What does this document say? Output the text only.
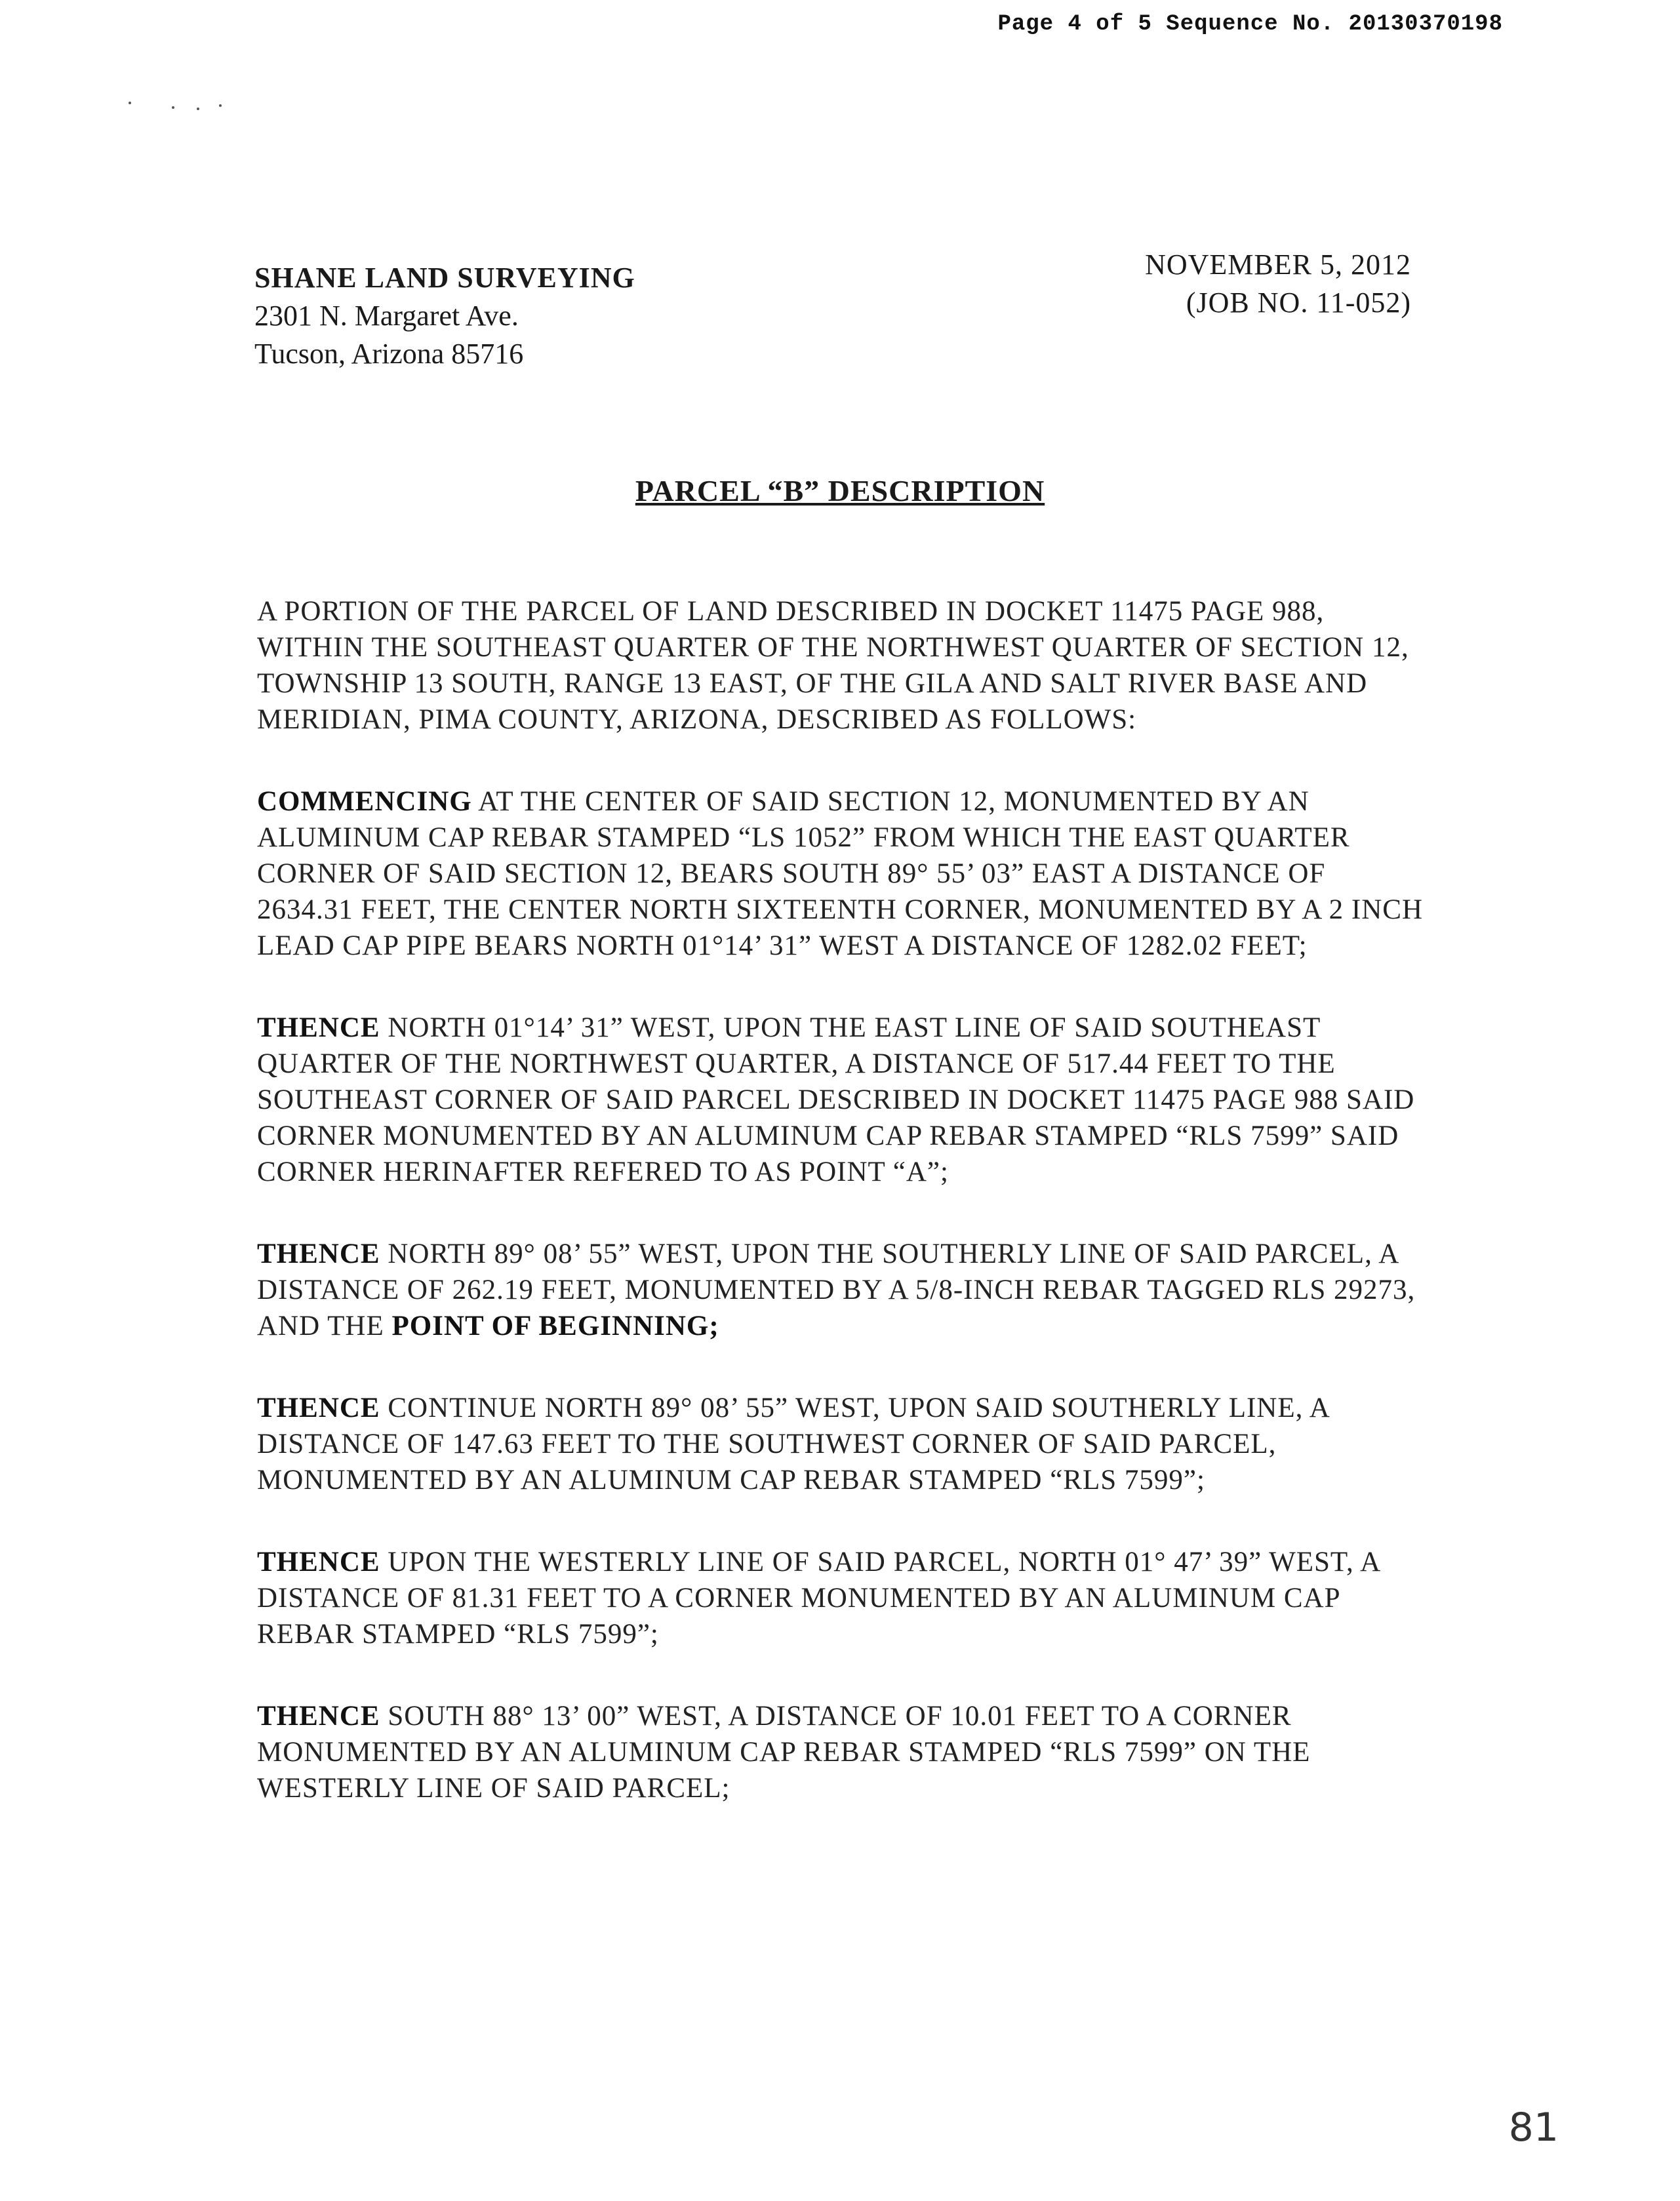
Page 4 of 5 Sequence No. 20130370198
SHANE LAND SURVEYING
2301 N. Margaret Ave.
Tucson, Arizona 85716
NOVEMBER 5, 2012
(JOB NO. 11-052)
PARCEL “B” DESCRIPTION

A PORTION OF THE PARCEL OF LAND DESCRIBED IN DOCKET 11475 PAGE 988, WITHIN THE SOUTHEAST QUARTER OF THE NORTHWEST QUARTER OF SECTION 12, TOWNSHIP 13 SOUTH, RANGE 13 EAST, OF THE GILA AND SALT RIVER BASE AND MERIDIAN, PIMA COUNTY, ARIZONA, DESCRIBED AS FOLLOWS:

COMMENCING AT THE CENTER OF SAID SECTION 12, MONUMENTED BY AN ALUMINUM CAP REBAR STAMPED “LS 1052” FROM WHICH THE EAST QUARTER CORNER OF SAID SECTION 12, BEARS SOUTH 89° 55’ 03” EAST A DISTANCE OF 2634.31 FEET, THE CENTER NORTH SIXTEENTH CORNER, MONUMENTED BY A 2 INCH LEAD CAP PIPE BEARS NORTH 01°14’ 31” WEST A DISTANCE OF 1282.02 FEET;

THENCE NORTH 01°14’ 31” WEST, UPON THE EAST LINE OF SAID SOUTHEAST QUARTER OF THE NORTHWEST QUARTER, A DISTANCE OF 517.44 FEET TO THE SOUTHEAST CORNER OF SAID PARCEL DESCRIBED IN DOCKET 11475 PAGE 988 SAID CORNER MONUMENTED BY AN ALUMINUM CAP REBAR STAMPED “RLS 7599” SAID CORNER HERINAFTER REFERED TO AS POINT “A”;

THENCE NORTH 89° 08’ 55” WEST, UPON THE SOUTHERLY LINE OF SAID PARCEL, A DISTANCE OF 262.19 FEET, MONUMENTED BY A 5/8-INCH REBAR TAGGED RLS 29273, AND THE POINT OF BEGINNING;

THENCE CONTINUE NORTH 89° 08’ 55” WEST, UPON SAID SOUTHERLY LINE, A DISTANCE OF 147.63 FEET TO THE SOUTHWEST CORNER OF SAID PARCEL, MONUMENTED BY AN ALUMINUM CAP REBAR STAMPED “RLS 7599”;

THENCE UPON THE WESTERLY LINE OF SAID PARCEL, NORTH 01° 47’ 39” WEST, A DISTANCE OF 81.31 FEET TO A CORNER MONUMENTED BY AN ALUMINUM CAP REBAR STAMPED “RLS 7599”;

THENCE SOUTH 88° 13’ 00” WEST, A DISTANCE OF 10.01 FEET TO A CORNER MONUMENTED BY AN ALUMINUM CAP REBAR STAMPED “RLS 7599” ON THE WESTERLY LINE OF SAID PARCEL;

81
